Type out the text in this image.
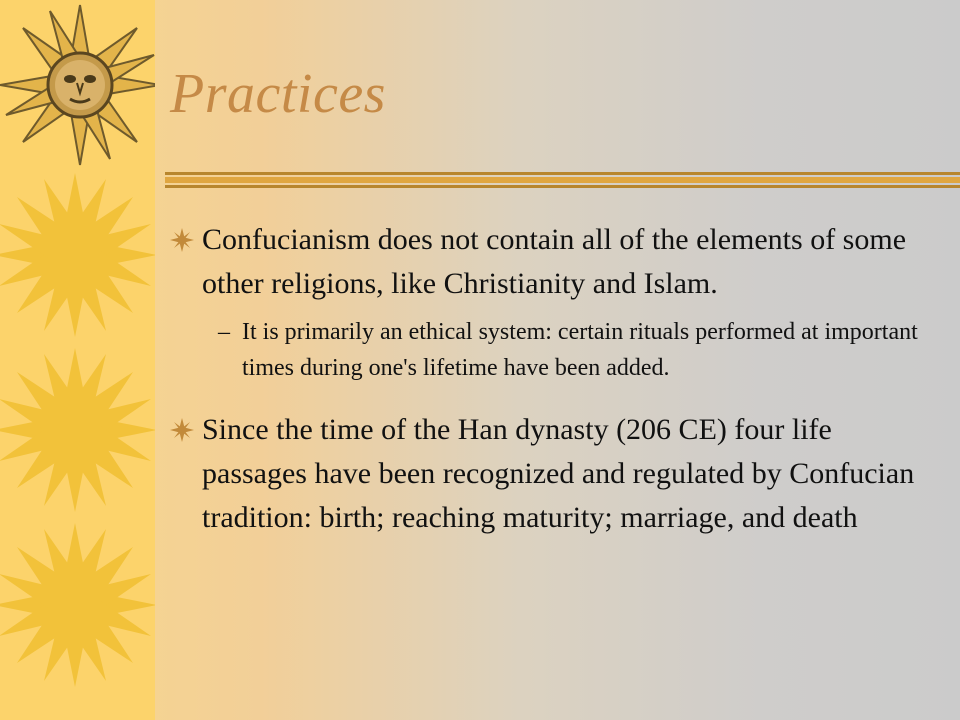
Practices
Confucianism does not contain all of the elements of some other religions, like Christianity and Islam.
– It is primarily an ethical system: certain rituals performed at important times during one's lifetime have been added.
Since the time of the Han dynasty (206 CE) four life passages have been recognized and regulated by Confucian tradition: birth; reaching maturity; marriage, and death
